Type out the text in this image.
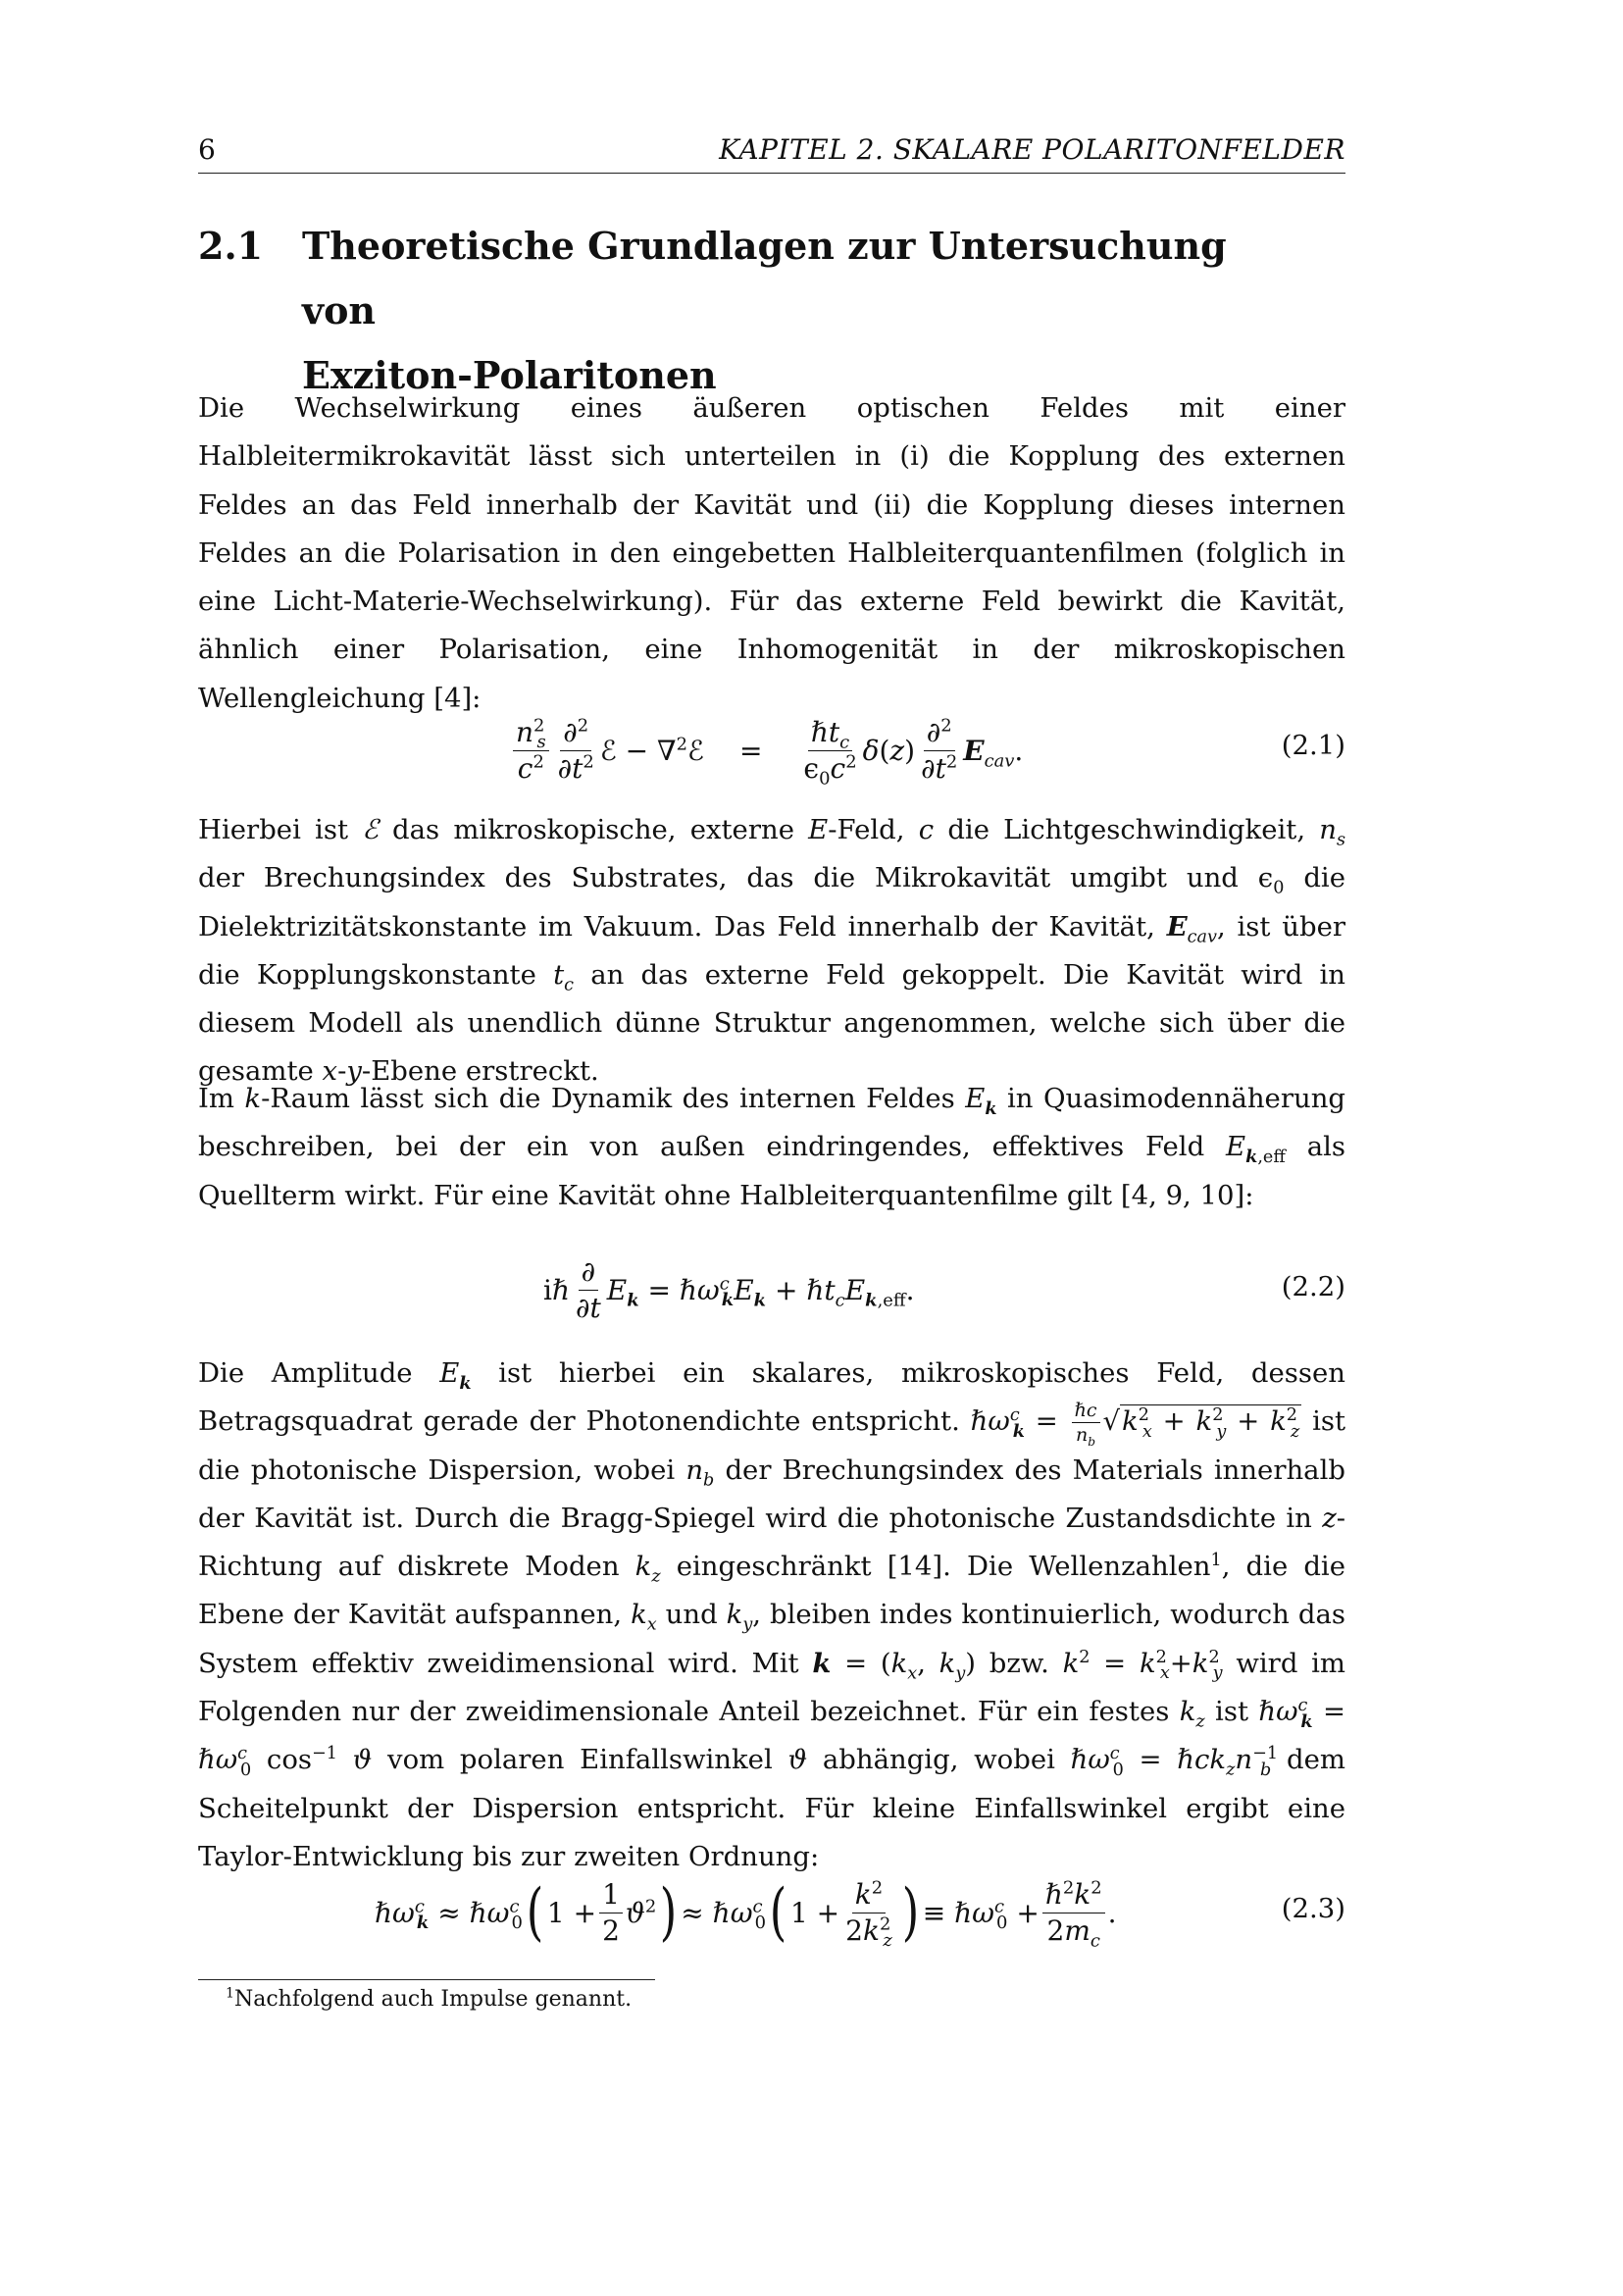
6	KAPITEL 2. SKALARE POLARITONFELDER
2.1 Theoretische Grundlagen zur Untersuchung von
Exziton-Polaritonen
Die Wechselwirkung eines äußeren optischen Feldes mit einer Halbleitermikrokavität lässt sich unterteilen in (i) die Kopplung des externen Feldes an das Feld innerhalb der Kavität und (ii) die Kopplung dieses internen Feldes an die Polarisation in den eingebetten Halbleiterquantenfilmen (folglich in eine Licht-Materie-Wechselwirkung). Für das externe Feld bewirkt die Kavität, ähnlich einer Polarisation, eine Inhomogenität in der mikroskopischen Wellengleichung [4]:
$\frac{n^2_s}{c^2} \frac{\partial^2}{\partial t^2}$ ℰ − ∇$^2$ℰ = $\frac{\hbar t_c}{\epsilon_0c^2} \delta(z) \frac{\partial^2}{\partial t^2} E_{cav}$.	(2.1)
Hierbei ist ℰ das mikroskopische, externe E-Feld, c die Lichtgeschwindigkeit, $n_s$ der Brechungsindex des Substrates, das die Mikrokavität umgibt und $\epsilon_0$ die Dielektrizitätskonstante im Vakuum. Das Feld innerhalb der Kavität, $E_{cav}$, ist über die Kopplungskonstante $t_c$ an das externe Feld gekoppelt. Die Kavität wird in diesem Modell als unendlich dünne Struktur angenommen, welche sich über die gesamte x-y-Ebene erstreckt.
Im k-Raum lässt sich die Dynamik des internen Feldes $E_k$ in Quasimodennäherung beschreiben, bei der ein von außen eindringendes, effektives Feld $E_{k,eff}$ als Quellterm wirkt. Für eine Kavität ohne Halbleiterquantenfilme gilt [4, 9, 10]:
iℏ $\frac{\partial}{\partial t} E_k$ = $\hbar\omega^c_kE_k$ + $\hbar t_cE_{k,eff}$.	(2.2)
Die Amplitude $E_k$ ist hierbei ein skalares, mikroskopisches Feld, dessen Betragsquadrat gerade der Photonendichte entspricht. ℏω$^c_k$ = $\frac{\text{ℏc}}{n_b} √k^2_x + k^2_y + k^2_z$ ist die photonische Dispersion, wobei $n_b$ der Brechungsindex des Materials innerhalb der Kavität ist. Durch die Bragg-Spiegel wird die photonische Zustandsdichte in z-Richtung auf diskrete Moden $k_z$ eingeschränkt [14]. Die Wellenzahlen$^1$, die die Ebene der Kavität aufspannen, $k_x$ und $k_y$, bleiben indes kontinuierlich, wodurch das System effektiv zweidimensional wird. Mit $k = (k_x$, $k_y$) bzw. $k^2 = k^2_x+k^2_y$ wird im Folgenden nur der zweidimensionale Anteil bezeichnet. Für ein festes $k_z$ ist ℏω$^c_k$ = ℏω$^c_0$ $\cos^{-1} ϑ$ vom polaren Einfallswinkel ϑ abhängig, wobei ℏω$^c_0$ = $\hbar ck_zn^{-1}_b$ dem Scheitelpunkt der Dispersion entspricht. Für kleine Einfallswinkel ergibt eine Taylor-Entwicklung bis zur zweiten Ordnung:
ℏω$^c_k$ ≈ ℏω$^c_0$ ( $1 + \frac{1}{2} ϑ^2$ ) ≈ ℏω$^c_0$ ( $1 + \frac{k^2}{2k^2_z}$ ) ≡ ℏω$^c_0$ + $\frac{\hbar^2k^2}{2m_c}$ .	(2.3)
$^1$Nachfolgend auch Impulse genannt.
